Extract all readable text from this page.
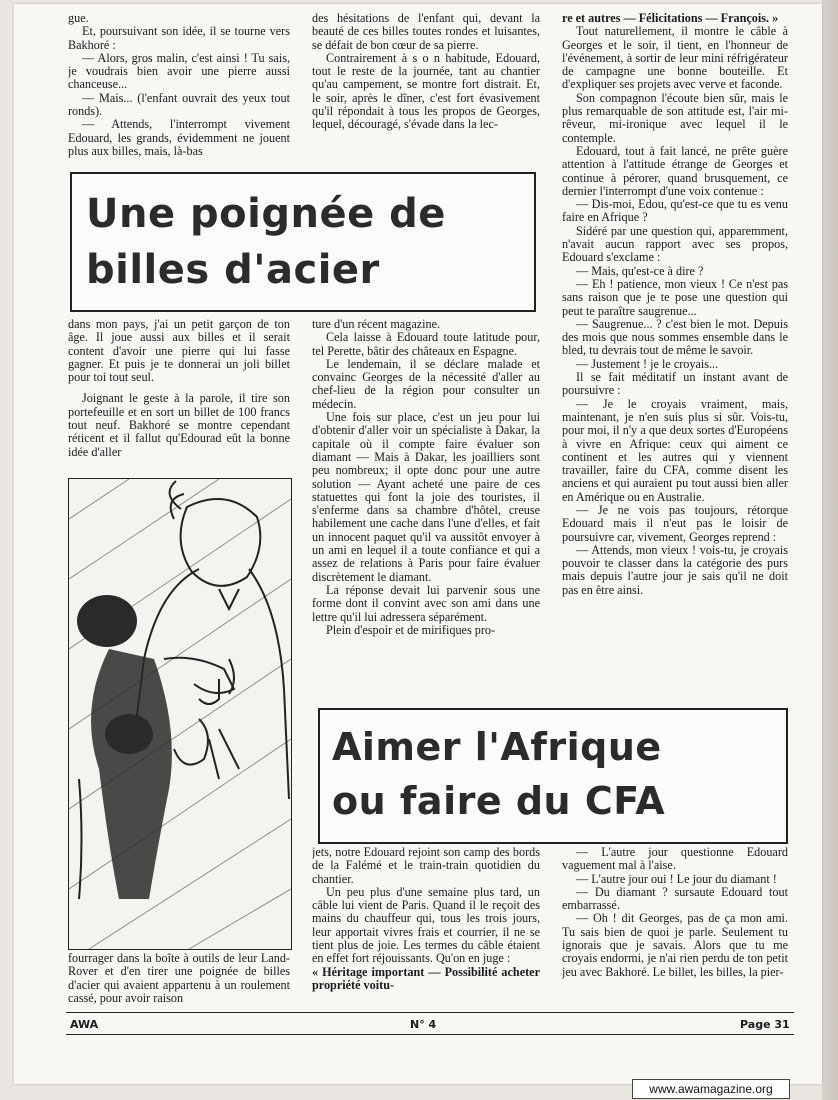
gue.

Et, poursuivant son idée, il se tourne vers Bakhoré :

— Alors, gros malin, c'est ainsi ! Tu sais, je voudrais bien avoir une pierre aussi chanceuse...

— Mais... (l'enfant ouvrait des yeux tout ronds).

— Attends, l'interrompt vivement Edouard, les grands, évidemment ne jouent plus aux billes, mais, là-bas

des hésitations de l'enfant qui, devant la beauté de ces billes toutes rondes et luisantes, se défait de bon cœur de sa pierre.

Contrairement à s o n habitude, Edouard, tout le reste de la journée, tant au chantier qu'au campement, se montre fort distrait. Et, le soir, après le dîner, c'est fort évasivement qu'il répondait à tous les propos de Georges, lequel, découragé, s'évade dans la lec-

re et autres — Félicitations — François. »

Tout naturellement, il montre le câble à Georges et le soir, il tient, en l'honneur de l'événement, à sortir de leur mini réfrigérateur de campagne une bonne bouteille. Et d'expliquer ses projets avec verve et faconde.

Son compagnon l'écoute bien sûr, mais le plus remarquable de son attitude est, l'air mi-rêveur, mi-ironique avec lequel il le contemple.

Edouard, tout à fait lancé, ne prête guère attention à l'attitude étrange de Georges et continue à pérorer, quand brusquement, ce dernier l'interrompt d'une voix contenue :

— Dis-moi, Edou, qu'est-ce que tu es venu faire en Afrique ?

Sidéré par une question qui, apparemment, n'avait aucun rapport avec ses propos, Edouard s'exclame :

— Mais, qu'est-ce à dire ?

— Eh ! patience, mon vieux ! Ce n'est pas sans raison que je te pose une question qui peut te paraître saugrenue...

— Saugrenue... ? c'est bien le mot. Depuis des mois que nous sommes ensemble dans le bled, tu devrais tout de même le savoir.

— Justement ! je le croyais...

Il se fait méditatif un instant avant de poursuivre :

— Je le croyais vraiment, mais, maintenant, je n'en suis plus si sûr. Vois-tu, pour moi, il n'y a que deux sortes d'Européens à vivre en Afrique: ceux qui aiment ce continent et les autres qui y viennent travailler, faire du CFA, comme disent les anciens et qui auraient pu tout aussi bien aller en Amérique ou en Australie.

— Je ne vois pas toujours, rétorque Edouard mais il n'eut pas le loisir de poursuivre car, vivement, Georges reprend :

— Attends, mon vieux ! vois-tu, je croyais pouvoir te classer dans la catégorie des purs mais depuis l'autre jour je sais qu'il ne doit pas en être ainsi.

Une poignée de
billes d'acier

dans mon pays, j'ai un petit garçon de ton âge. Il joue aussi aux billes et il serait content d'avoir une pierre qui lui fasse gagner. Et puis je te donnerai un joli billet pour toi tout seul.

Joignant le geste à la parole, il tire son portefeuille et en sort un billet de 100 francs tout neuf. Bakhoré se montre cependant réticent et il fallut qu'Edourad eût la bonne idée d'aller

ture d'un récent magazine.

Cela laisse à Edouard toute latitude pour, tel Perette, bâtir des châteaux en Espagne.

Le lendemain, il se déclare malade et convainc Georges de la nécessité d'aller au chef-lieu de la région pour consulter un médecin.

Une fois sur place, c'est un jeu pour lui d'obtenir d'aller voir un spécialiste à Dakar, la capitale où il compte faire évaluer son diamant — Mais à Dakar, les joailliers sont peu nombreux; il opte donc pour une autre solution — Ayant acheté une paire de ces statuettes qui font la joie des touristes, il s'enferme dans sa chambre d'hôtel, creuse habilement une cache dans l'une d'elles, et fait un innocent paquet qu'il va aussitôt envoyer à un ami en lequel il a toute confiance et qui a assez de relations à Paris pour faire évaluer discrètement le diamant.

La réponse devait lui parvenir sous une forme dont il convint avec son ami dans une lettre qu'il lui adressera séparément.

Plein d'espoir et de mirifiques pro-

fourrager dans la boîte à outils de leur Land-Rover et d'en tirer une poignée de billes d'acier qui avaient appartenu à un roulement cassé, pour avoir raison

Aimer l'Afrique
ou faire du CFA

jets, notre Edouard rejoint son camp des bords de la Falémé et le train-train quotidien du chantier.

Un peu plus d'une semaine plus tard, un câble lui vient de Paris. Quand il le reçoit des mains du chauffeur qui, tous les trois jours, leur apportait vivres frais et courrier, il ne se tient plus de joie. Les termes du câble étaient en effet fort réjouissants. Qu'on en juge :

« Héritage important — Possibilité acheter propriété voitu-

— L'autre jour questionne Edouard vaguement mal à l'aise.

— L'autre jour oui ! Le jour du diamant !

— Du diamant ? sursaute Edouard tout embarrassé.

— Oh ! dit Georges, pas de ça mon ami. Tu sais bien de quoi je parle. Seulement tu ignorais que je savais. Alors que tu me croyais endormi, je n'ai rien perdu de ton petit jeu avec Bakhoré. Le billet, les billes, la pier-

AWA	N° 4	Page 31
www.awamagazine.org
